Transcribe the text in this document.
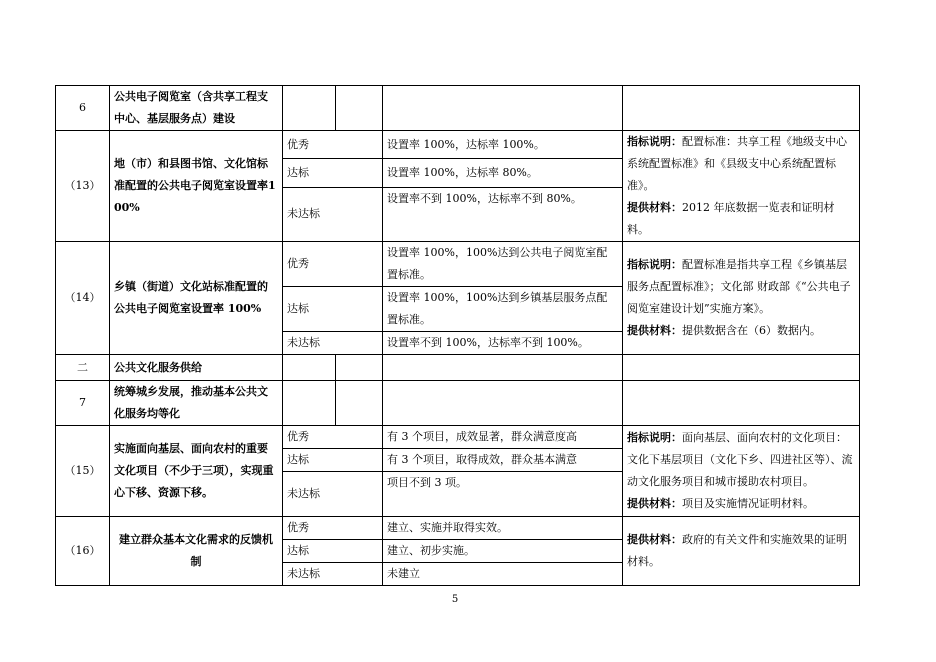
6	公共电子阅览室（含共享工程支中心、基层服务点）建设				
（13）	地（市）和县图书馆、文化馆标准配置的公共电子阅览室设置率100%	优秀		设置率 100%，达标率 100%。	指标说明：配置标准：共享工程《地级支中心系统配置标准》和《县级支中心系统配置标准》。
提供材料：2012 年底数据一览表和证明材料。
		达标		设置率 100%，达标率 80%。	
		未达标		设置率不到 100%，达标率不到 80%。	
（14）	乡镇（街道）文化站标准配置的公共电子阅览室设置率 100%	优秀		设置率 100%，100%达到公共电子阅览室配置标准。	指标说明：配置标准是指共享工程《乡镇基层服务点配置标准》；文化部 财政部《“公共电子阅览室建设计划”实施方案》。
提供材料：提供数据含在（6）数据内。
		达标		设置率 100%，100%达到乡镇基层服务点配置标准。	
		未达标		设置率不到 100%，达标率不到 100%。	
二	公共文化服务供给				
7	统筹城乡发展，推动基本公共文化服务均等化				
（15）	实施面向基层、面向农村的重要文化项目（不少于三项），实现重心下移、资源下移。	优秀		有 3 个项目，成效显著，群众满意度高	指标说明：面向基层、面向农村的文化项目：文化下基层项目（文化下乡、四进社区等）、流动文化服务项目和城市援助农村项目。
提供材料：项目及实施情况证明材料。
		达标		有 3 个项目，取得成效，群众基本满意	
		未达标		项目不到 3 项。	
（16）	建立群众基本文化需求的反馈机制	优秀		建立、实施并取得实效。	提供材料：政府的有关文件和实施效果的证明材料。
		达标		建立、初步实施。	
		未达标		未建立	
5
